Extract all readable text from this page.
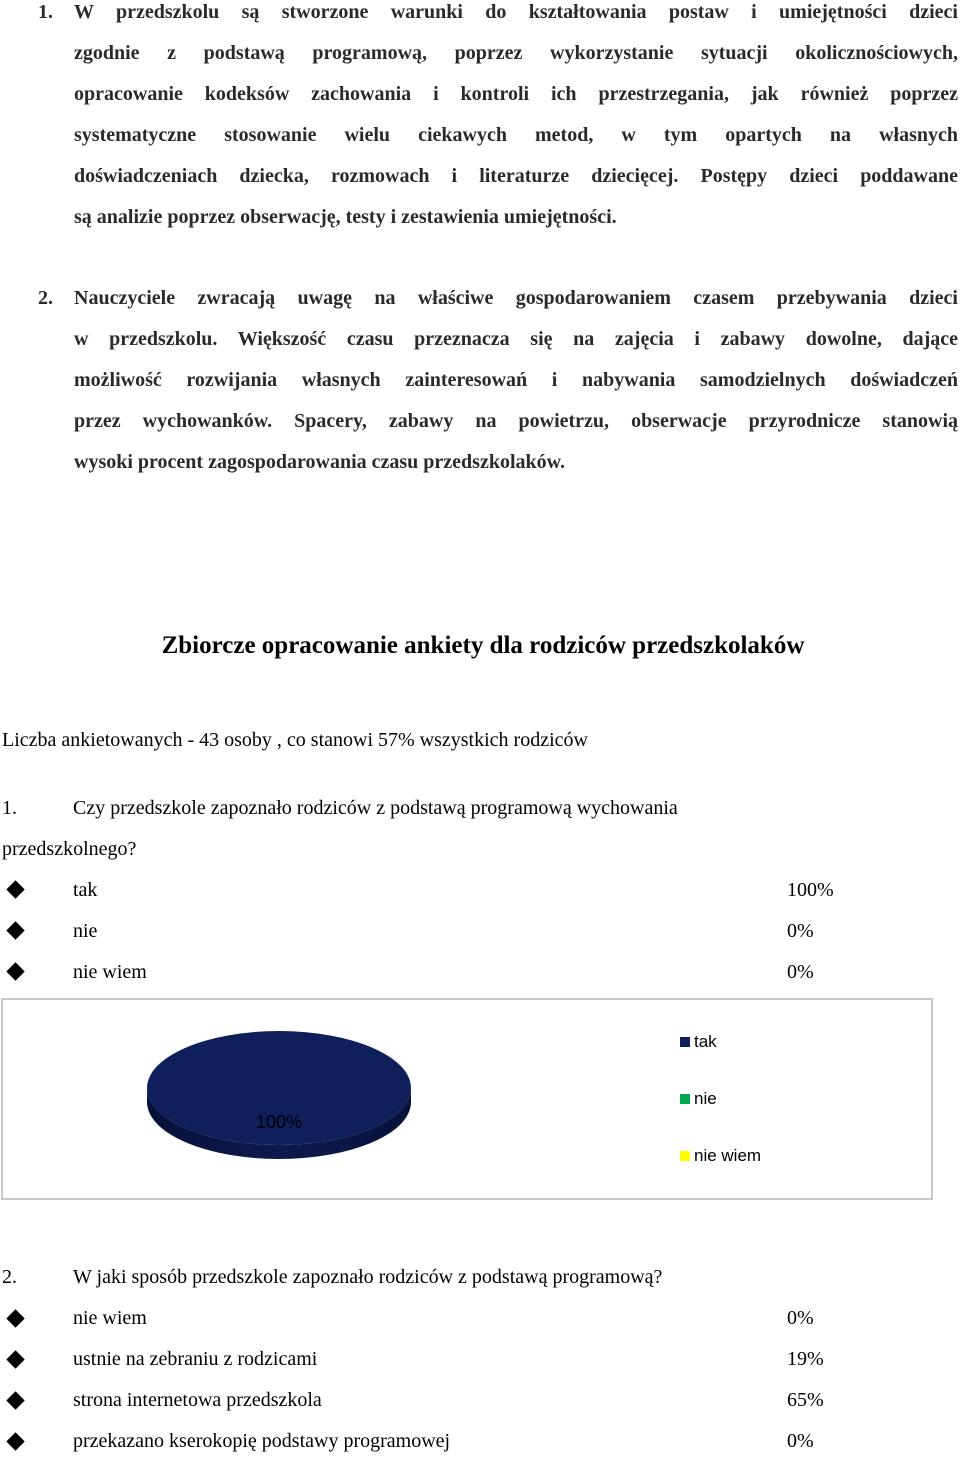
1. W przedszkolu są stworzone warunki do kształtowania postaw i umiejętności dzieci
zgodnie z podstawą programową, poprzez wykorzystanie sytuacji okolicznościowych,
opracowanie kodeksów zachowania i kontroli ich przestrzegania, jak również poprzez
systematyczne stosowanie wielu ciekawych metod, w tym opartych na własnych
doświadczeniach dziecka, rozmowach i literaturze dziecięcej. Postępy dzieci poddawane
są analizie poprzez obserwację, testy i zestawienia umiejętności.
2. Nauczyciele zwracają uwagę na właściwe gospodarowaniem czasem przebywania dzieci
w przedszkolu. Większość czasu przeznacza się na zajęcia i zabawy dowolne, dające
możliwość rozwijania własnych zainteresowań i nabywania samodzielnych doświadczeń
przez wychowanków. Spacery, zabawy na powietrzu, obserwacje przyrodnicze stanowią
wysoki procent zagospodarowania czasu przedszkolaków.
Zbiorcze opracowanie ankiety dla rodziców przedszkolaków
Liczba ankietowanych - 43 osoby , co stanowi 57% wszystkich rodziców
1.	Czy przedszkole zapoznało rodziców z podstawą programową wychowania
przedszkolnego?
tak	100%
nie	0%
nie wiem	0%
100%
tak
nie
nie wiem
2.	W jaki sposób przedszkole zapoznało rodziców z podstawą programową?
nie wiem	0%
ustnie na zebraniu z rodzicami	19%
strona internetowa przedszkola	65%
przekazano kserokopię podstawy programowej	0%
